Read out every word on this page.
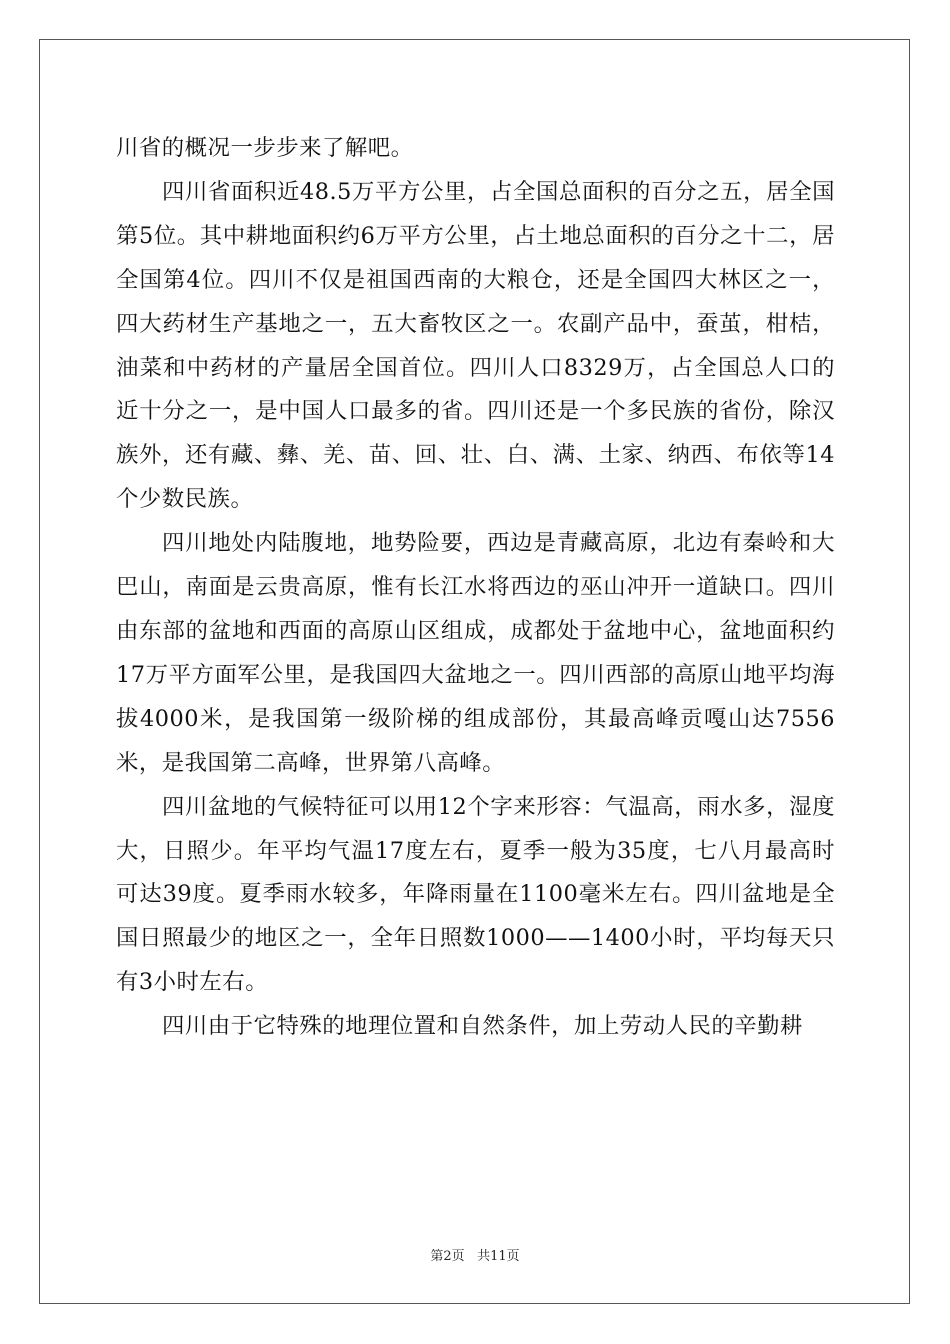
川省的概况一步步来了解吧。

四川省面积近48.5万平方公里，占全国总面积的百分之五，居全国第5位。其中耕地面积约6万平方公里，占土地总面积的百分之十二，居全国第4位。四川不仅是祖国西南的大粮仓，还是全国四大林区之一，四大药材生产基地之一，五大畜牧区之一。农副产品中，蚕茧，柑桔，油菜和中药材的产量居全国首位。四川人口8329万，占全国总人口的近十分之一，是中国人口最多的省。四川还是一个多民族的省份，除汉族外，还有藏、彝、羌、苗、回、壮、白、满、土家、纳西、布依等14个少数民族。

四川地处内陆腹地，地势险要，西边是青藏高原，北边有秦岭和大巴山，南面是云贵高原，惟有长江水将西边的巫山冲开一道缺口。四川由东部的盆地和西面的高原山区组成，成都处于盆地中心，盆地面积约17万平方面军公里，是我国四大盆地之一。四川西部的高原山地平均海拔4000米，是我国第一级阶梯的组成部份，其最高峰贡嘎山达7556米，是我国第二高峰，世界第八高峰。

四川盆地的气候特征可以用12个字来形容：气温高，雨水多，湿度大，日照少。年平均气温17度左右，夏季一般为35度，七八月最高时可达39度。夏季雨水较多，年降雨量在1100毫米左右。四川盆地是全国日照最少的地区之一，全年日照数1000——1400小时，平均每天只有3小时左右。

四川由于它特殊的地理位置和自然条件，加上劳动人民的辛勤耕

第2页 共11页
